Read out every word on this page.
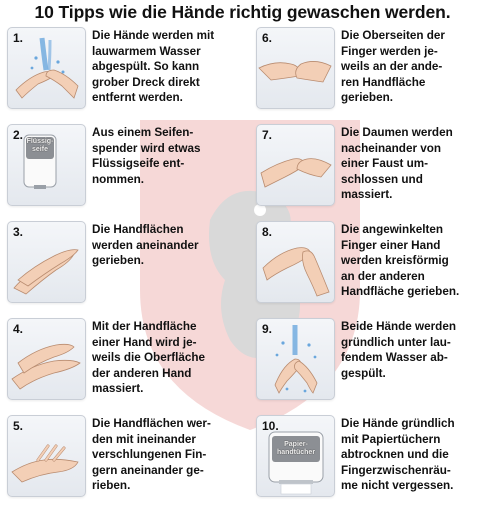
10 Tipps wie die Hände richtig gewaschen werden.
1.	Die Hände werden mit
lauwarmem Wasser
abgespült. So kann
grober Dreck direkt
entfernt werden.
2. Flüssig-
seife
Aus einem Seifen-
spender wird etwas
Flüssigseife ent-
nommen.
3.	Die Handflächen
werden aneinander
gerieben.
4.	Mit der Handfläche
einer Hand wird je-
weils die Oberfläche
der anderen Hand
massiert.
5.	Die Handflächen wer-
den mit ineinander
verschlungenen Fin-
gern aneinander ge-
rieben.
6.	Die Oberseiten der
Finger werden je-
weils an der ande-
ren Handfläche
gerieben.
7.	Die Daumen werden
nacheinander von
einer Faust um-
schlossen und
massiert.
8.	Die angewinkelten
Finger einer Hand
werden kreisförmig
an der anderen
Handfläche gerieben.
9.	Beide Hände werden
gründlich unter lau-
fendem Wasser ab-
gespült.
10.
Papier-
handtücher
Die Hände gründlich
mit Papiertüchern
abtrocknen und die
Fingerzwischenräu-
me nicht vergessen.
